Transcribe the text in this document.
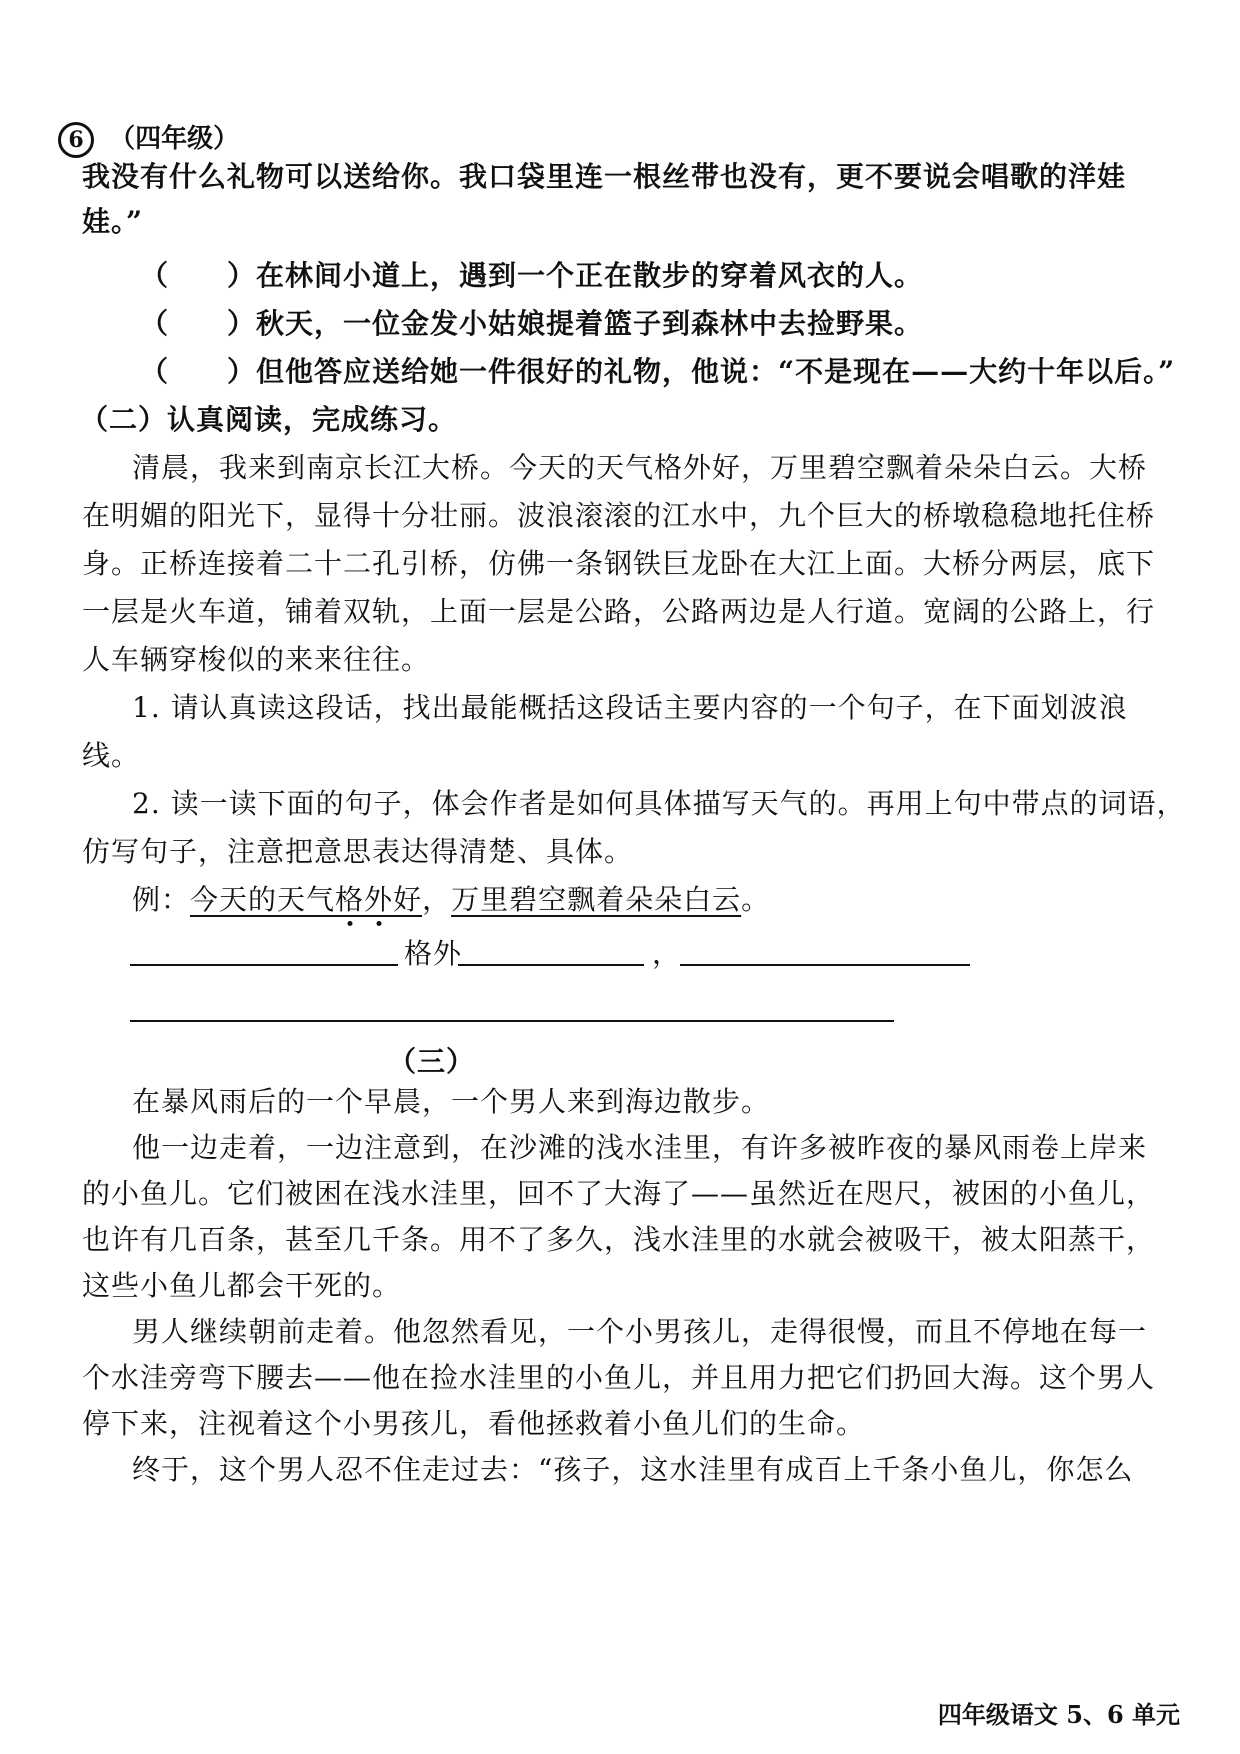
6 （四年级）
我没有什么礼物可以送给你。我口袋里连一根丝带也没有，更不要说会唱歌的洋娃
娃。”
（　　）在林间小道上，遇到一个正在散步的穿着风衣的人。
（　　）秋天，一位金发小姑娘提着篮子到森林中去捡野果。
（　　）但他答应送给她一件很好的礼物，他说：“不是现在——大约十年以后。”
（二）认真阅读，完成练习。
清晨，我来到南京长江大桥。今天的天气格外好，万里碧空飘着朵朵白云。大桥
在明媚的阳光下，显得十分壮丽。波浪滚滚的江水中，九个巨大的桥墩稳稳地托住桥
身。正桥连接着二十二孔引桥，仿佛一条钢铁巨龙卧在大江上面。大桥分两层，底下
一层是火车道，铺着双轨，上面一层是公路，公路两边是人行道。宽阔的公路上，行
人车辆穿梭似的来来往往。
1. 请认真读这段话，找出最能概括这段话主要内容的一个句子，在下面划波浪
线。
2. 读一读下面的句子，体会作者是如何具体描写天气的。再用上句中带点的词语，
仿写句子，注意把意思表达得清楚、具体。
例：今天的天气格外好，万里碧空飘着朵朵白云。
格外	，
（三）
在暴风雨后的一个早晨，一个男人来到海边散步。
他一边走着，一边注意到，在沙滩的浅水洼里，有许多被昨夜的暴风雨卷上岸来
的小鱼儿。它们被困在浅水洼里，回不了大海了——虽然近在咫尺，被困的小鱼儿，
也许有几百条，甚至几千条。用不了多久，浅水洼里的水就会被吸干，被太阳蒸干，
这些小鱼儿都会干死的。
男人继续朝前走着。他忽然看见，一个小男孩儿，走得很慢，而且不停地在每一
个水洼旁弯下腰去——他在捡水洼里的小鱼儿，并且用力把它们扔回大海。这个男人
停下来，注视着这个小男孩儿，看他拯救着小鱼儿们的生命。
终于，这个男人忍不住走过去：“孩子，这水洼里有成百上千条小鱼儿，你怎么
四年级语文 5、6 单元
